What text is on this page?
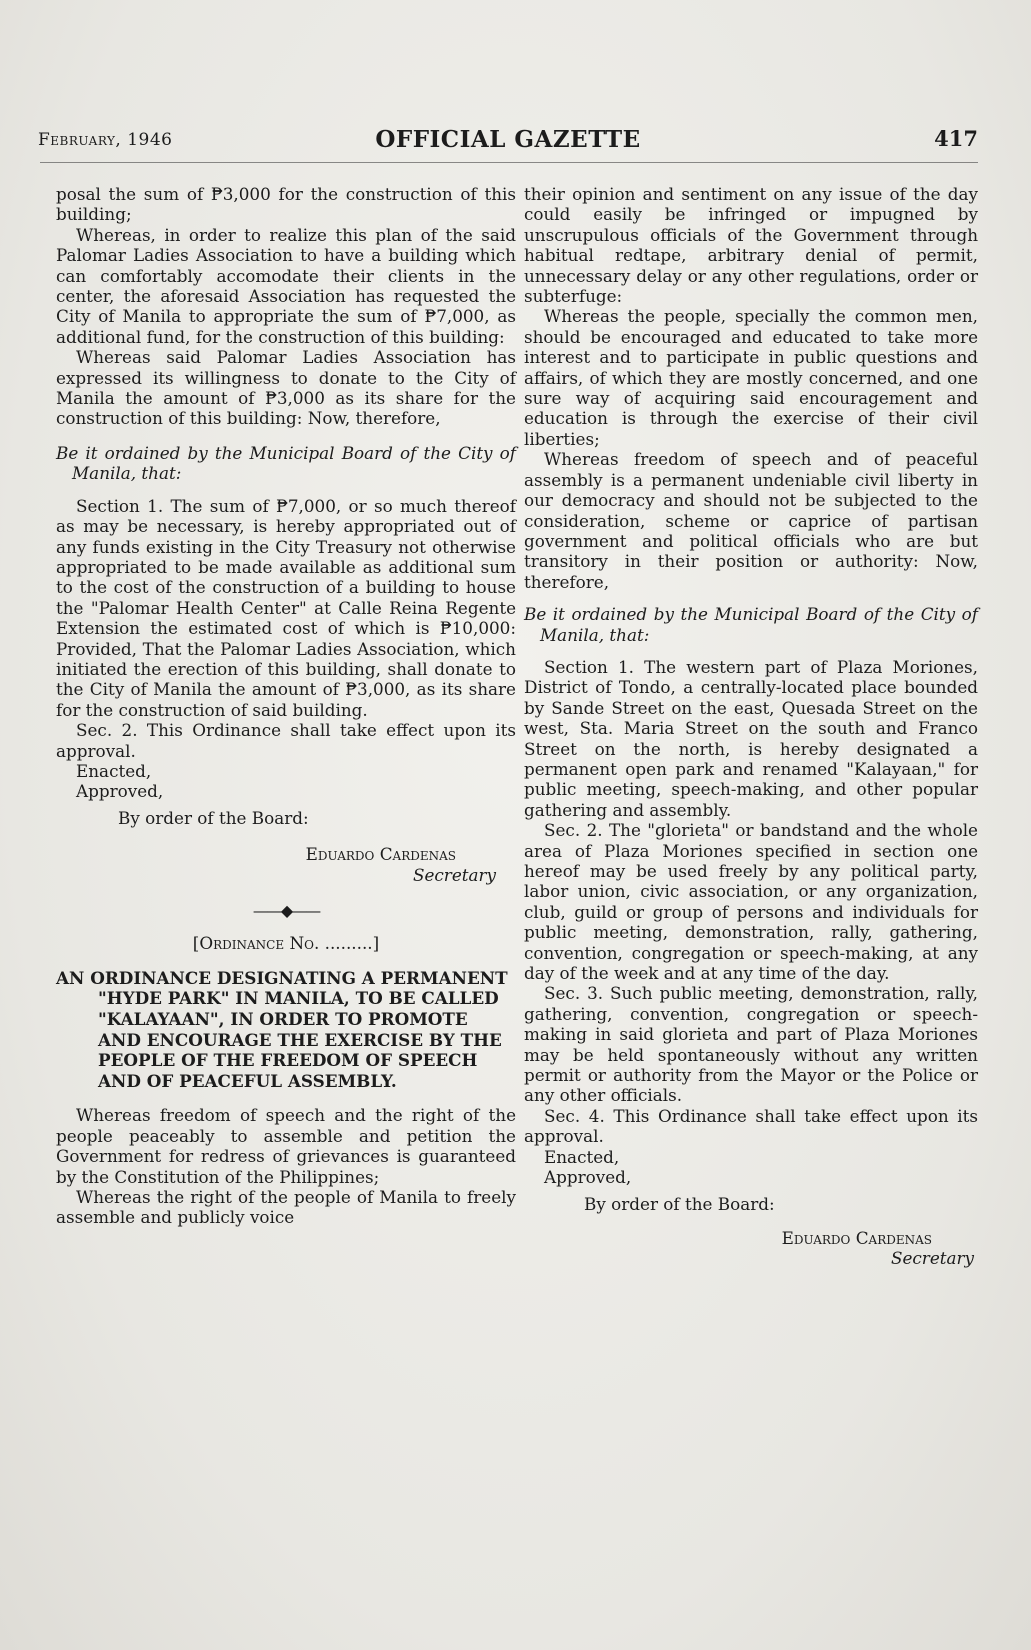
February, 1946	OFFICIAL GAZETTE	417

posal the sum of ₱3,000 for the construction of this building;

Whereas, in order to realize this plan of the said Palomar Ladies Association to have a building which can comfortably accomodate their clients in the center, the aforesaid Association has requested the City of Manila to appropriate the sum of ₱7,000, as additional fund, for the construction of this building:

Whereas said Palomar Ladies Association has expressed its willingness to donate to the City of Manila the amount of ₱3,000 as its share for the construction of this building: Now, therefore,

Be it ordained by the Municipal Board of the City of Manila, that:

Section 1. The sum of ₱7,000, or so much thereof as may be necessary, is hereby appropriated out of any funds existing in the City Treasury not otherwise appropriated to be made available as additional sum to the cost of the construction of a building to house the "Palomar Health Center" at Calle Reina Regente Extension the estimated cost of which is ₱10,000: Provided, That the Palomar Ladies Association, which initiated the erection of this building, shall donate to the City of Manila the amount of ₱3,000, as its share for the construction of said building.

Sec. 2. This Ordinance shall take effect upon its approval.

Enacted,

Approved,

By order of the Board:

Eduardo Cardenas

Secretary

——◆——

[Ordinance No. .........]

AN ORDINANCE DESIGNATING A PERMANENT "HYDE PARK" IN MANILA, TO BE CALLED "KALAYAAN", IN ORDER TO PROMOTE AND ENCOURAGE THE EXERCISE BY THE PEOPLE OF THE FREEDOM OF SPEECH AND OF PEACEFUL ASSEMBLY.

Whereas freedom of speech and the right of the people peaceably to assemble and petition the Government for redress of grievances is guaranteed by the Constitution of the Philippines;

Whereas the right of the people of Manila to freely assemble and publicly voice

their opinion and sentiment on any issue of the day could easily be infringed or impugned by unscrupulous officials of the Government through habitual redtape, arbitrary denial of permit, unnecessary delay or any other regulations, order or subterfuge:

Whereas the people, specially the common men, should be encouraged and educated to take more interest and to participate in public questions and affairs, of which they are mostly concerned, and one sure way of acquiring said encouragement and education is through the exercise of their civil liberties;

Whereas freedom of speech and of peaceful assembly is a permanent undeniable civil liberty in our democracy and should not be subjected to the consideration, scheme or caprice of partisan government and political officials who are but transitory in their position or authority: Now, therefore,

Be it ordained by the Municipal Board of the City of Manila, that:

Section 1. The western part of Plaza Moriones, District of Tondo, a centrally-located place bounded by Sande Street on the east, Quesada Street on the west, Sta. Maria Street on the south and Franco Street on the north, is hereby designated a permanent open park and renamed "Kalayaan," for public meeting, speech-making, and other popular gathering and assembly.

Sec. 2. The "glorieta" or bandstand and the whole area of Plaza Moriones specified in section one hereof may be used freely by any political party, labor union, civic association, or any organization, club, guild or group of persons and individuals for public meeting, demonstration, rally, gathering, convention, congregation or speech-making, at any day of the week and at any time of the day.

Sec. 3. Such public meeting, demonstration, rally, gathering, convention, congregation or speech-making in said glorieta and part of Plaza Moriones may be held spontaneously without any written permit or authority from the Mayor or the Police or any other officials.

Sec. 4. This Ordinance shall take effect upon its approval.

Enacted,

Approved,

By order of the Board:

Eduardo Cardenas

Secretary
